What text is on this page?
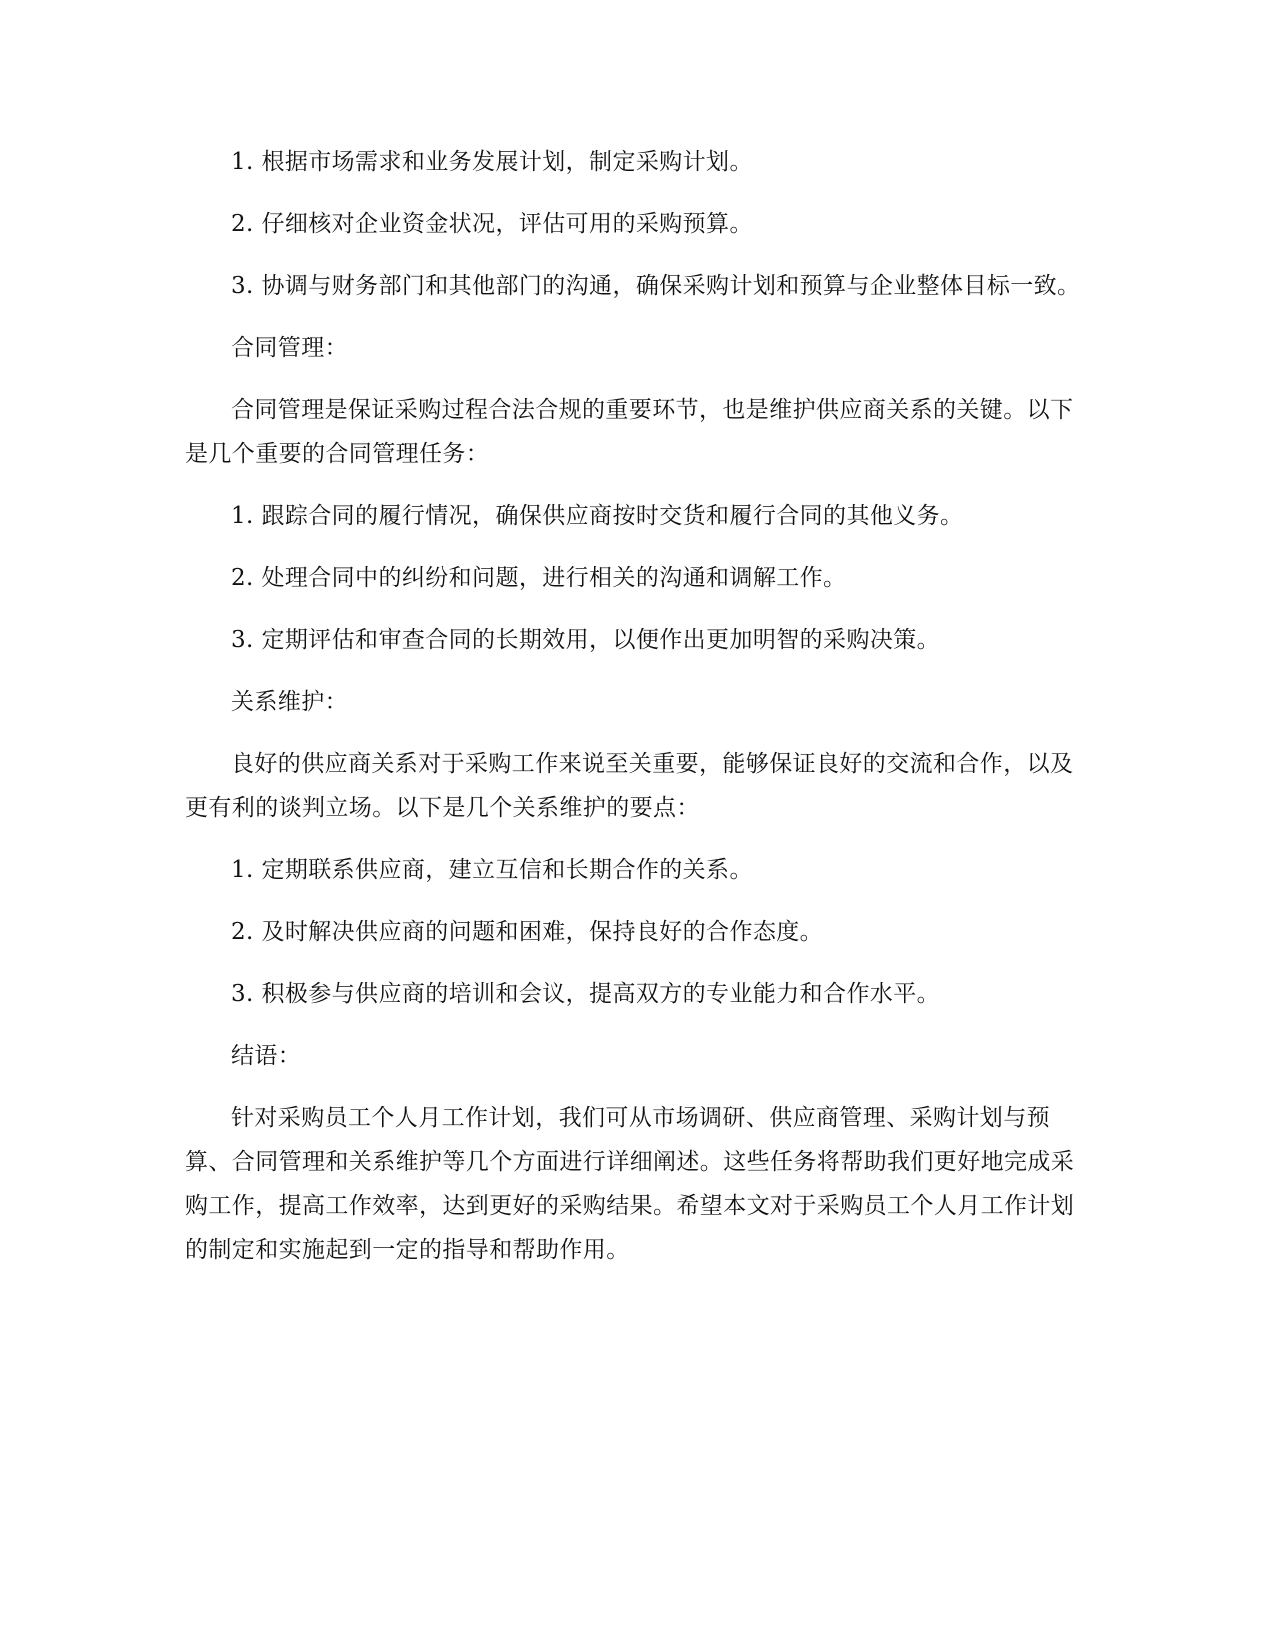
1. 根据市场需求和业务发展计划，制定采购计划。

2. 仔细核对企业资金状况，评估可用的采购预算。

3. 协调与财务部门和其他部门的沟通，确保采购计划和预算与企业整体目标一致。

合同管理：

合同管理是保证采购过程合法合规的重要环节，也是维护供应商关系的关键。以下是几个重要的合同管理任务：

1. 跟踪合同的履行情况，确保供应商按时交货和履行合同的其他义务。

2. 处理合同中的纠纷和问题，进行相关的沟通和调解工作。

3. 定期评估和审查合同的长期效用，以便作出更加明智的采购决策。

关系维护：

良好的供应商关系对于采购工作来说至关重要，能够保证良好的交流和合作，以及更有利的谈判立场。以下是几个关系维护的要点：

1. 定期联系供应商，建立互信和长期合作的关系。

2. 及时解决供应商的问题和困难，保持良好的合作态度。

3. 积极参与供应商的培训和会议，提高双方的专业能力和合作水平。

结语：

针对采购员工个人月工作计划，我们可从市场调研、供应商管理、采购计划与预算、合同管理和关系维护等几个方面进行详细阐述。这些任务将帮助我们更好地完成采购工作，提高工作效率，达到更好的采购结果。希望本文对于采购员工个人月工作计划的制定和实施起到一定的指导和帮助作用。
